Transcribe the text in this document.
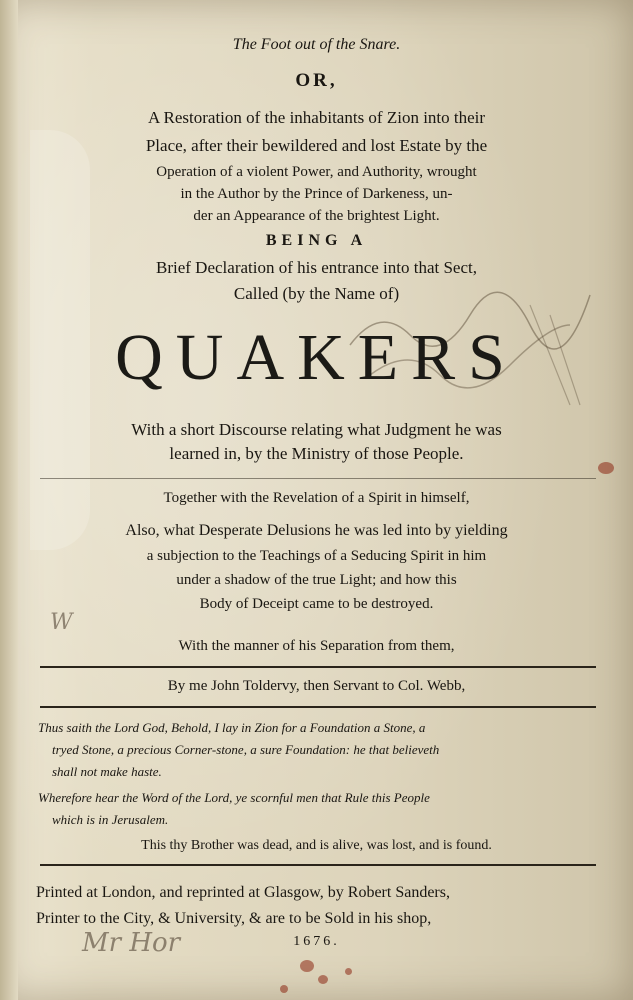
W
Mr Hor
The Foot out of the Snare.
OR,
A Restoration of the inhabitants of Zion into their
Place, after their bewildered and lost Estate by the
Operation of a violent Power, and Authority, wrought
in the Author by the Prince of Darkeness, un-
der an Appearance of the brightest Light.
BEING A
Brief Declaration of his entrance into that Sect,
Called (by the Name of)
QUAKERS
With a short Discourse relating what Judgment he was
learned in, by the Ministry of those People.
Together with the Revelation of a Spirit in himself,
Also, what Desperate Delusions he was led into by yielding
a subjection to the Teachings of a Seducing Spirit in him
under a shadow of the true Light; and how this
Body of Deceipt came to be destroyed.
With the manner of his Separation from them,
By me John Toldervy, then Servant to Col. Webb,
Thus saith the Lord God, Behold, I lay in Zion for a Foundation a Stone, a
tryed Stone, a precious Corner-stone, a sure Foundation: he that believeth
shall not make haste.
Wherefore hear the Word of the Lord, ye scornful men that Rule this People
which is in Jerusalem.
This thy Brother was dead, and is alive, was lost, and is found.
Printed at London, and reprinted at Glasgow, by Robert Sanders,
Printer to the City, & University, & are to be Sold in his shop,
1676.
